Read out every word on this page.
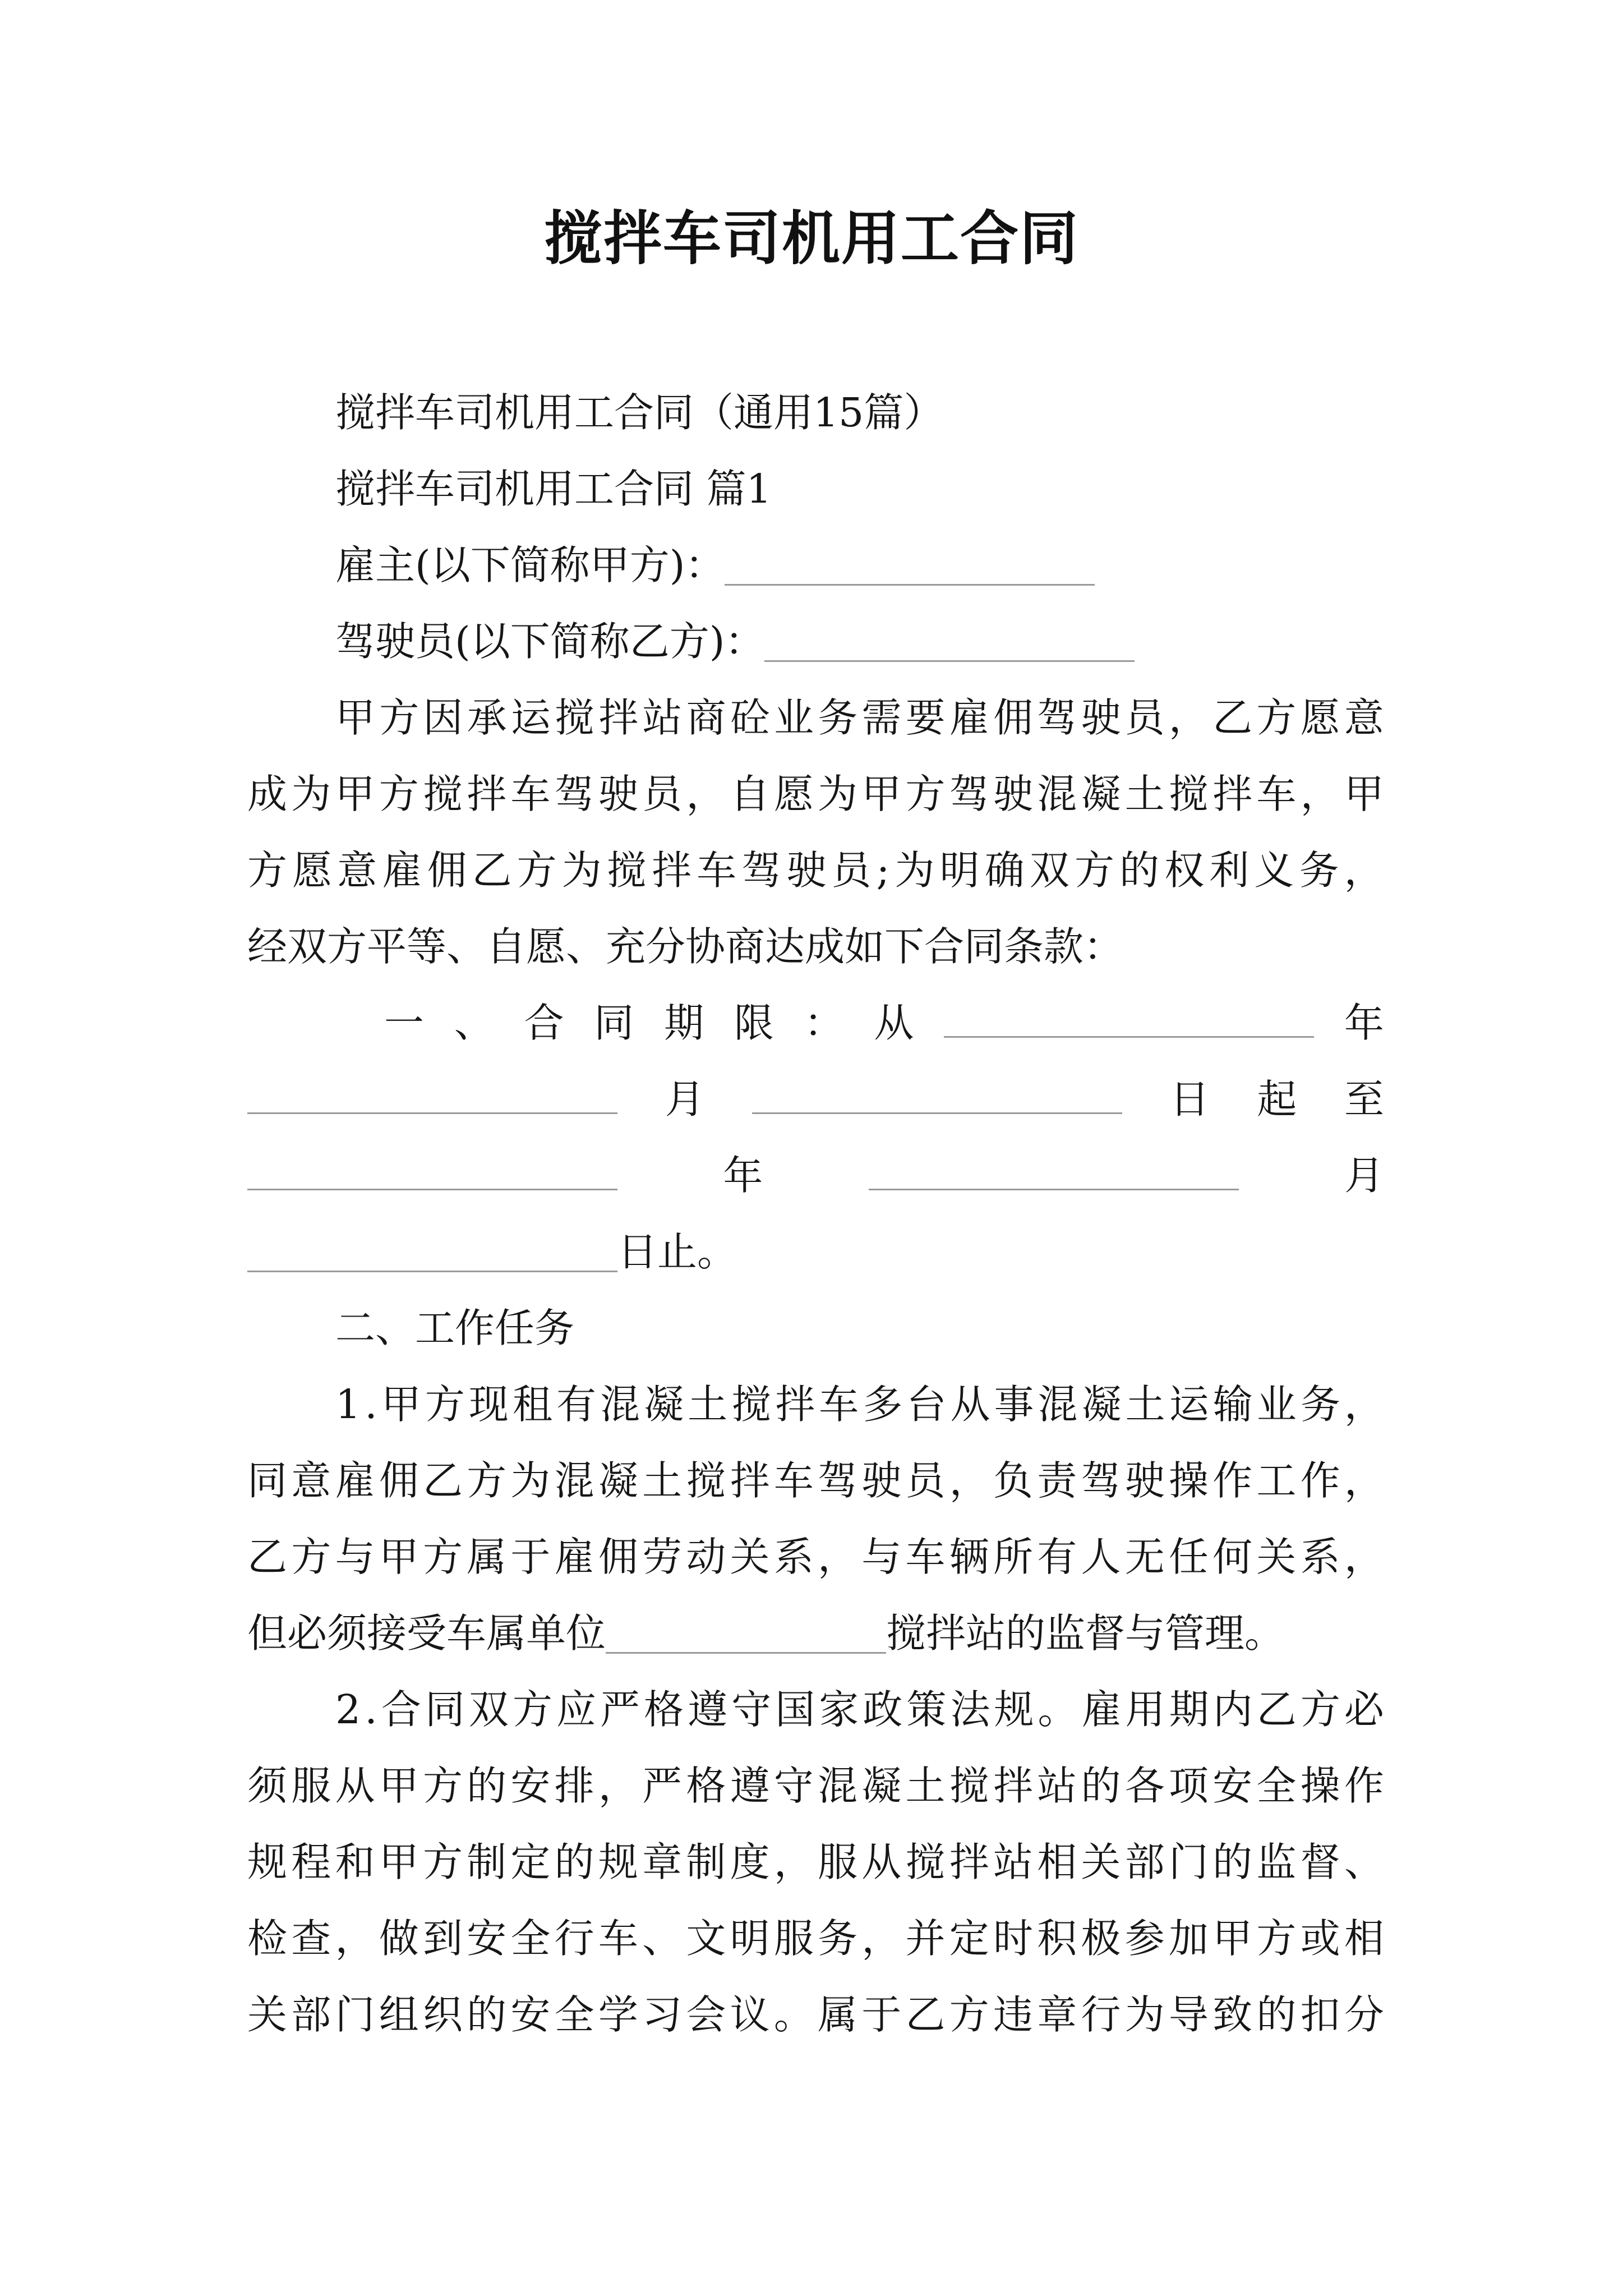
搅拌车司机用工合同
搅拌车司机用工合同（通用15篇）
搅拌车司机用工合同 篇1
雇主(以下简称甲方)：
驾驶员(以下简称乙方)：
甲 方 因 承 运 搅 拌 站 商 砼 业 务 需 要 雇 佣 驾 驶 员 ， 乙 方 愿 意
成 为 甲 方 搅 拌 车 驾 驶 员 ， 自 愿 为 甲 方 驾 驶 混 凝 土 搅 拌 车 ， 甲
方 愿 意 雇 佣 乙 方 为 搅 拌 车 驾 驶 员 ; 为 明 确 双 方 的 权 利 义 务 ，
经双方平等、自愿、充分协商达成如下合同条款：
一 、 合 同 期 限 ： 从	年
月	日 起 至
年	月
日止。
二、工作任务
1 . 甲 方 现 租 有 混 凝 土 搅 拌 车 多 台 从 事 混 凝 土 运 输 业 务 ，
同 意 雇 佣 乙 方 为 混 凝 土 搅 拌 车 驾 驶 员 ， 负 责 驾 驶 操 作 工 作 ，
乙 方 与 甲 方 属 于 雇 佣 劳 动 关 系 ， 与 车 辆 所 有 人 无 任 何 关 系 ，
但必须接受车属单位	搅拌站的监督与管理。
2 . 合 同 双 方 应 严 格 遵 守 国 家 政 策 法 规 。 雇 用 期 内 乙 方 必
须 服 从 甲 方 的 安 排 ， 严 格 遵 守 混 凝 土 搅 拌 站 的 各 项 安 全 操 作
规 程 和 甲 方 制 定 的 规 章 制 度 ， 服 从 搅 拌 站 相 关 部 门 的 监 督 、
检 查 ， 做 到 安 全 行 车 、 文 明 服 务 ， 并 定 时 积 极 参 加 甲 方 或 相
关 部 门 组 织 的 安 全 学 习 会 议 。 属 于 乙 方 违 章 行 为 导 致 的 扣 分
